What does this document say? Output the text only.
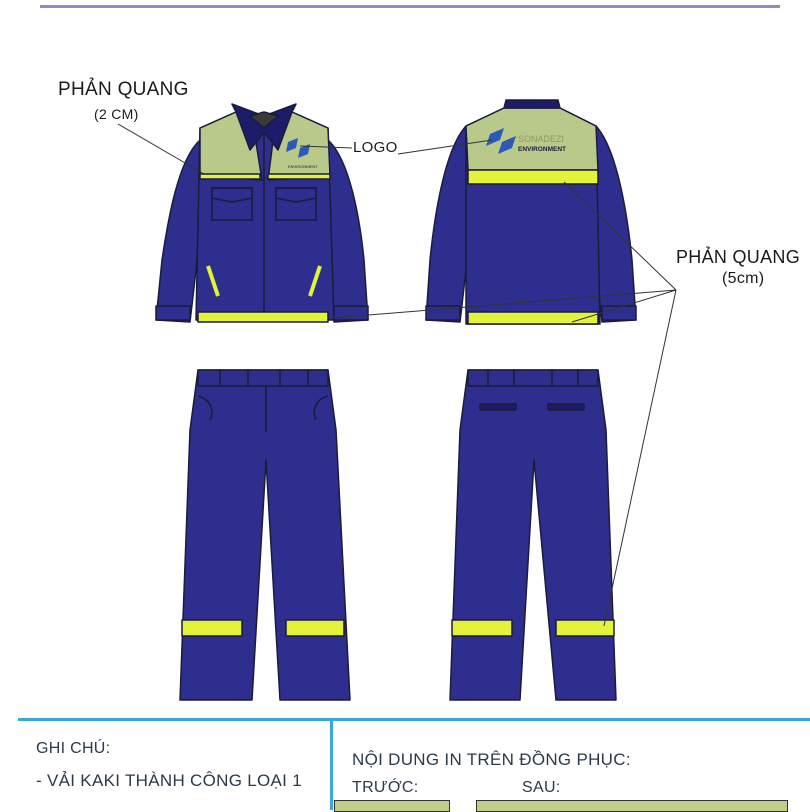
ENVIRONMENT
SONADEZI
ENVIRONMENT
PHẢN QUANG
(2 CM)
LOGO
PHẢN QUANG
(5cm)
GHI CHÚ:
- VẢI KAKI THÀNH CÔNG LOẠI 1
NỘI DUNG IN TRÊN ĐỒNG PHỤC:
TRƯỚC:	SAU:
